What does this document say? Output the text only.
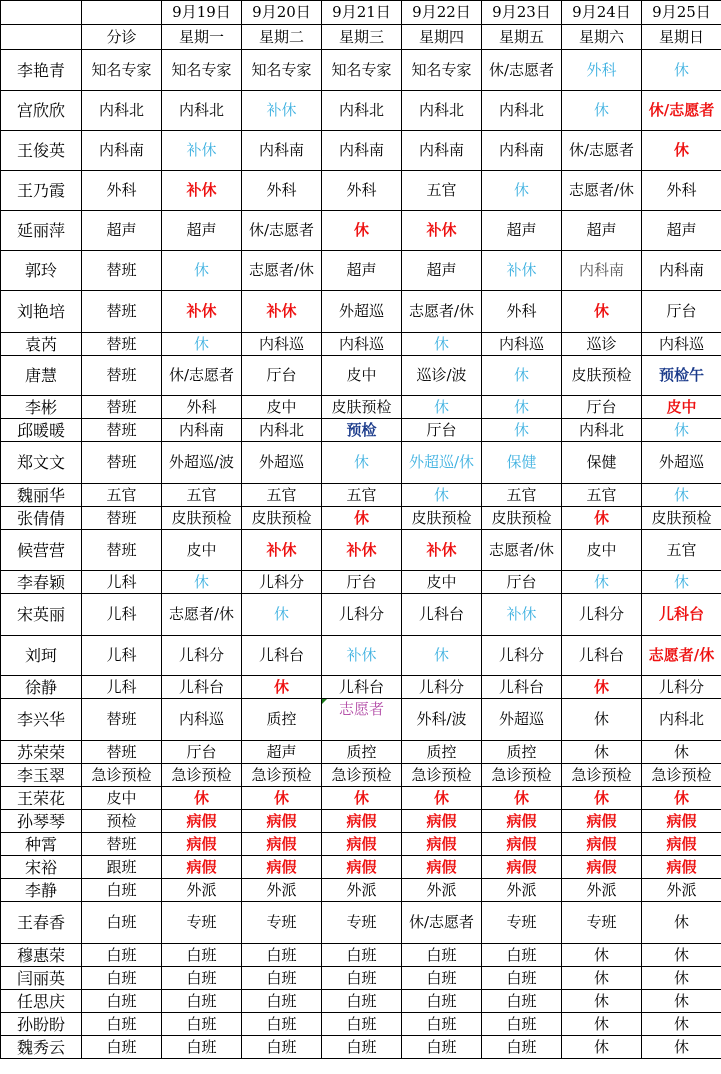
		9月19日	9月20日	9月21日	9月22日	9月23日	9月24日	9月25日
	分诊	星期一	星期二	星期三	星期四	星期五	星期六	星期日
李艳青	知名专家	知名专家	知名专家	知名专家	知名专家	休/志愿者	外科	休
宫欣欣	内科北	内科北	补休	内科北	内科北	内科北	休	休/志愿者
王俊英	内科南	补休	内科南	内科南	内科南	内科南	休/志愿者	休
王乃霞	外科	补休	外科	外科	五官	休	志愿者/休	外科
延丽萍	超声	超声	休/志愿者	休	补休	超声	超声	超声
郭玲	替班	休	志愿者/休	超声	超声	补休	内科南	内科南
刘艳培	替班	补休	补休	外超巡	志愿者/休	外科	休	厅台
袁芮	替班	休	内科巡	内科巡	休	内科巡	巡诊	内科巡
唐慧	替班	休/志愿者	厅台	皮中	巡诊/波	休	皮肤预检	预检午
李彬	替班	外科	皮中	皮肤预检	休	休	厅台	皮中
邱暖暖	替班	内科南	内科北	预检	厅台	休	内科北	休
郑文文	替班	外超巡/波	外超巡	休	外超巡/休	保健	保健	外超巡
魏丽华	五官	五官	五官	五官	休	五官	五官	休
张倩倩	替班	皮肤预检	皮肤预检	休	皮肤预检	皮肤预检	休	皮肤预检
候营营	替班	皮中	补休	补休	补休	志愿者/休	皮中	五官
李春颖	儿科	休	儿科分	厅台	皮中	厅台	休	休
宋英丽	儿科	志愿者/休	休	儿科分	儿科台	补休	儿科分	儿科台
刘珂	儿科	儿科分	儿科台	补休	休	儿科分	儿科台	志愿者/休
徐静	儿科	儿科台	休	儿科台	儿科分	儿科台	休	儿科分
李兴华	替班	内科巡	质控	志愿者	外科/波	外超巡	休	内科北
苏荣荣	替班	厅台	超声	质控	质控	质控	休	休
李玉翠	急诊预检	急诊预检	急诊预检	急诊预检	急诊预检	急诊预检	急诊预检	急诊预检
王荣花	皮中	休	休	休	休	休	休	休
孙琴琴	预检	病假	病假	病假	病假	病假	病假	病假
种霄	替班	病假	病假	病假	病假	病假	病假	病假
宋裕	跟班	病假	病假	病假	病假	病假	病假	病假
李静	白班	外派	外派	外派	外派	外派	外派	外派
王春香	白班	专班	专班	专班	休/志愿者	专班	专班	休
穆惠荣	白班	白班	白班	白班	白班	白班	休	休
闫丽英	白班	白班	白班	白班	白班	白班	休	休
任思庆	白班	白班	白班	白班	白班	白班	休	休
孙盼盼	白班	白班	白班	白班	白班	白班	休	休
魏秀云	白班	白班	白班	白班	白班	白班	休	休
